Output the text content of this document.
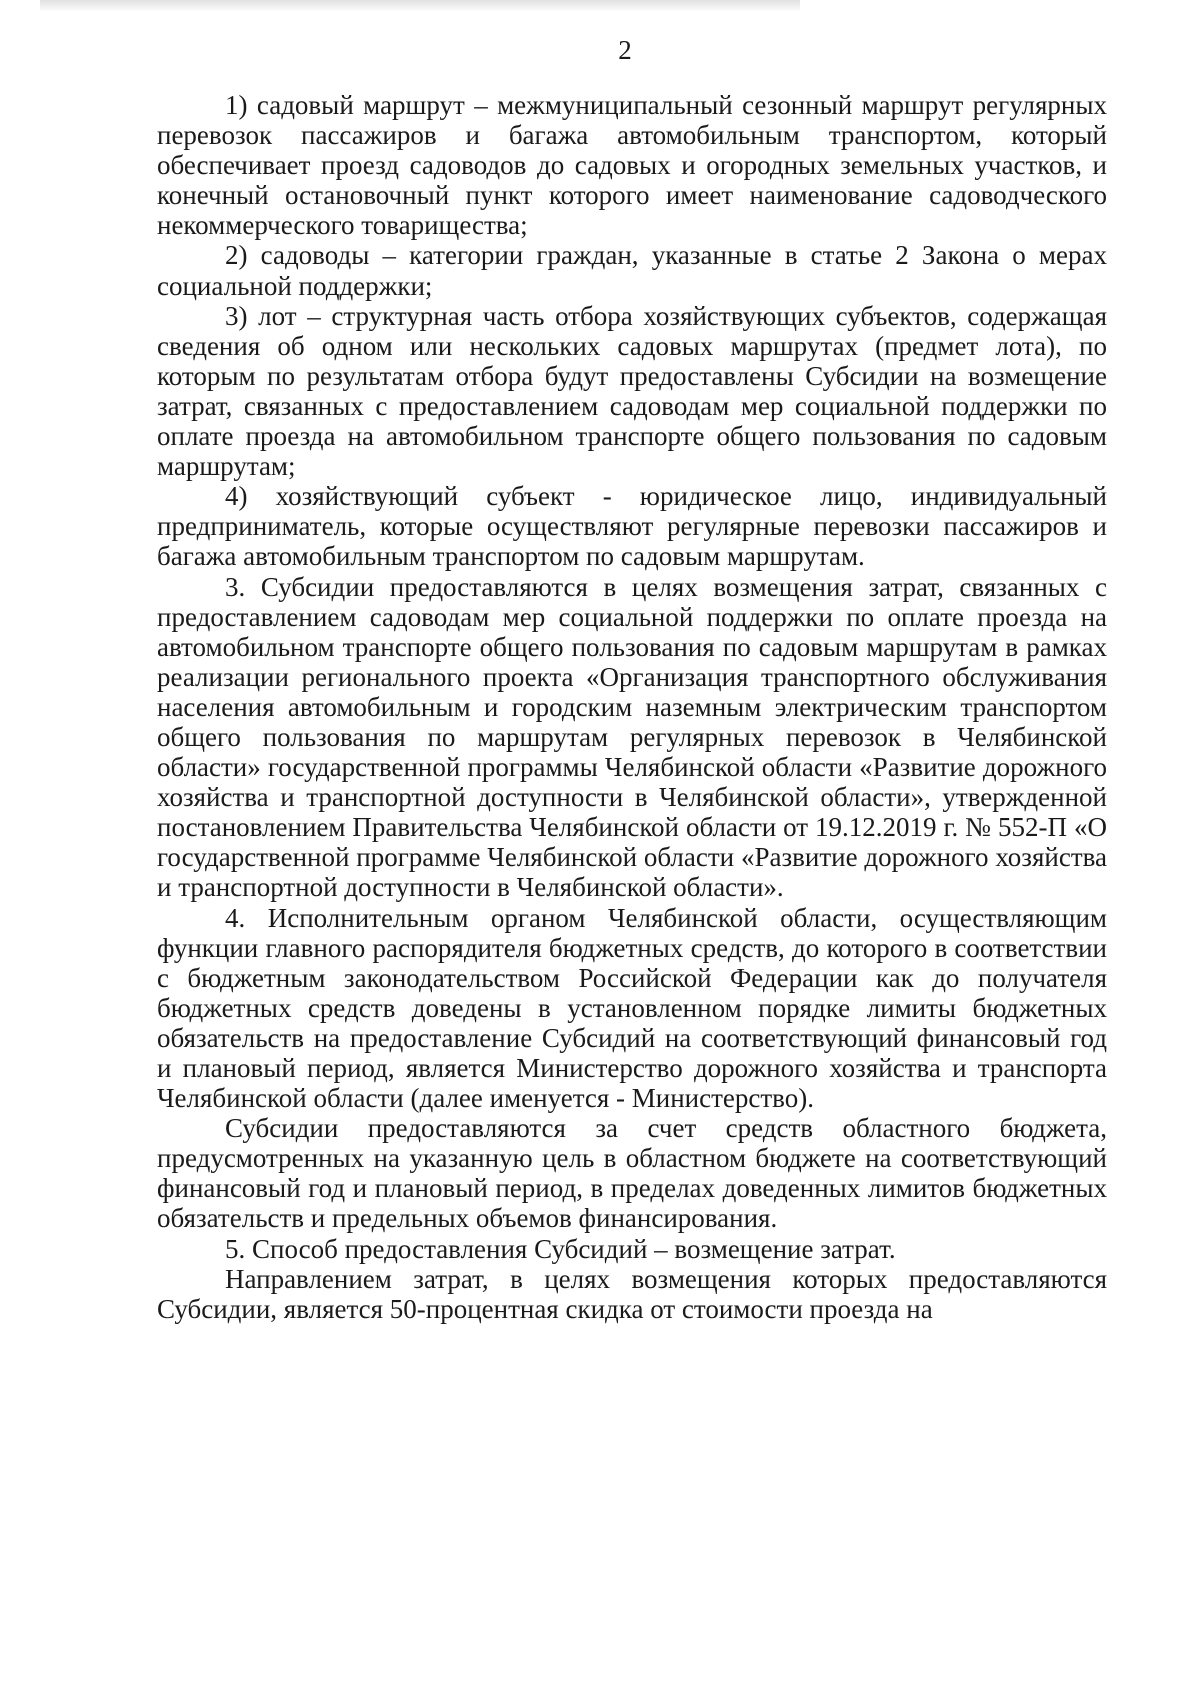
2

1) садовый маршрут – межмуниципальный сезонный маршрут регулярных перевозок пассажиров и багажа автомобильным транспортом, который обеспечивает проезд садоводов до садовых и огородных земельных участков, и конечный остановочный пункт которого имеет наименование садоводческого некоммерческого товарищества;

2) садоводы – категории граждан, указанные в статье 2 Закона о мерах социальной поддержки;

3) лот – структурная часть отбора хозяйствующих субъектов, содержащая сведения об одном или нескольких садовых маршрутах (предмет лота), по которым по результатам отбора будут предоставлены Субсидии на возмещение затрат, связанных с предоставлением садоводам мер социальной поддержки по оплате проезда на автомобильном транспорте общего пользования по садовым маршрутам;

4) хозяйствующий субъект - юридическое лицо, индивидуальный предприниматель, которые осуществляют регулярные перевозки пассажиров и багажа автомобильным транспортом по садовым маршрутам.

3. Субсидии предоставляются в целях возмещения затрат, связанных с предоставлением садоводам мер социальной поддержки по оплате проезда на автомобильном транспорте общего пользования по садовым маршрутам в рамках реализации регионального проекта «Организация транспортного обслуживания населения автомобильным и городским наземным электрическим транспортом общего пользования по маршрутам регулярных перевозок в Челябинской области» государственной программы Челябинской области «Развитие дорожного хозяйства и транспортной доступности в Челябинской области», утвержденной постановлением Правительства Челябинской области от 19.12.2019 г. № 552-П «О государственной программе Челябинской области «Развитие дорожного хозяйства и транспортной доступности в Челябинской области».

4. Исполнительным органом Челябинской области, осуществляющим функции главного распорядителя бюджетных средств, до которого в соответствии с бюджетным законодательством Российской Федерации как до получателя бюджетных средств доведены в установленном порядке лимиты бюджетных обязательств на предоставление Субсидий на соответствующий финансовый год и плановый период, является Министерство дорожного хозяйства и транспорта Челябинской области (далее именуется - Министерство).

Субсидии предоставляются за счет средств областного бюджета, предусмотренных на указанную цель в областном бюджете на соответствующий финансовый год и плановый период, в пределах доведенных лимитов бюджетных обязательств и предельных объемов финансирования.

5. Способ предоставления Субсидий – возмещение затрат.

Направлением затрат, в целях возмещения которых предоставляются Субсидии, является 50-процентная скидка от стоимости проезда на
